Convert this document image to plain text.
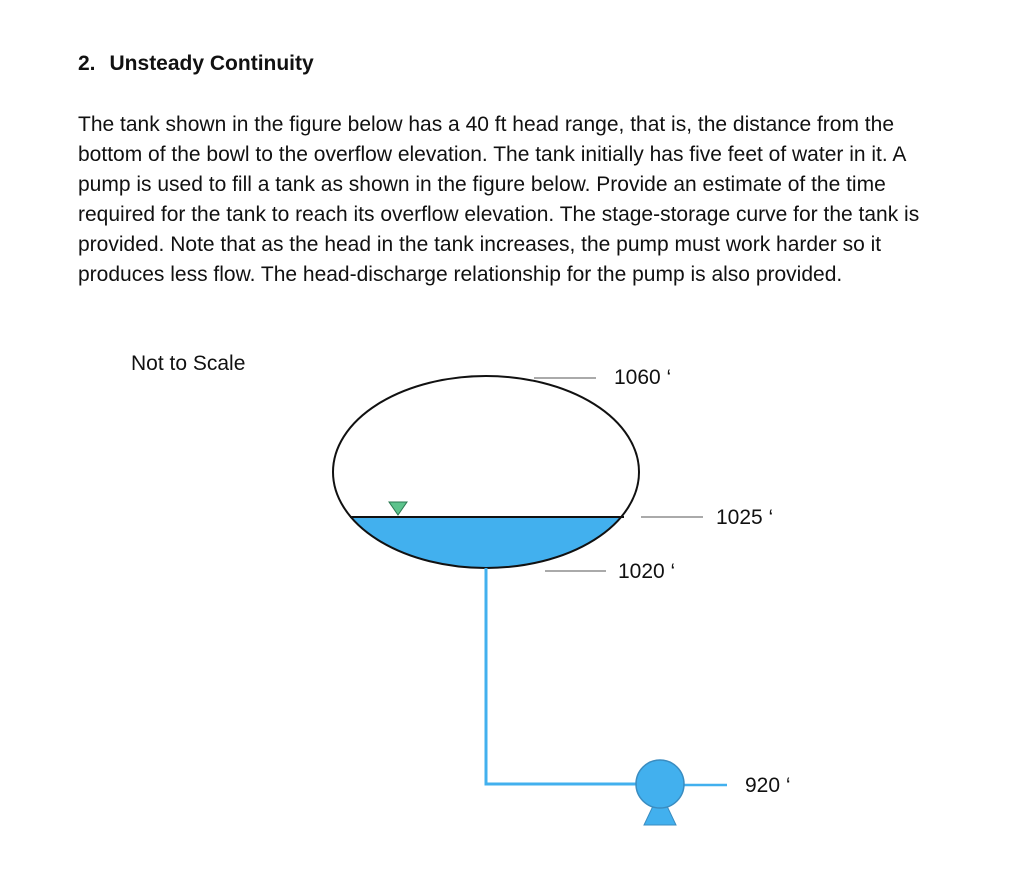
2. Unsteady Continuity

The tank shown in the figure below has a 40 ft head range, that is, the distance from the bottom of the bowl to the overflow elevation. The tank initially has five feet of water in it. A pump is used to fill a tank as shown in the figure below. Provide an estimate of the time required for the tank to reach its overflow elevation. The stage-storage curve for the tank is provided. Note that as the head in the tank increases, the pump must work harder so it produces less flow. The head-discharge relationship for the pump is also provided.

Not to Scale
1060 ‘
1025 ‘
1020 ‘
920 ‘
